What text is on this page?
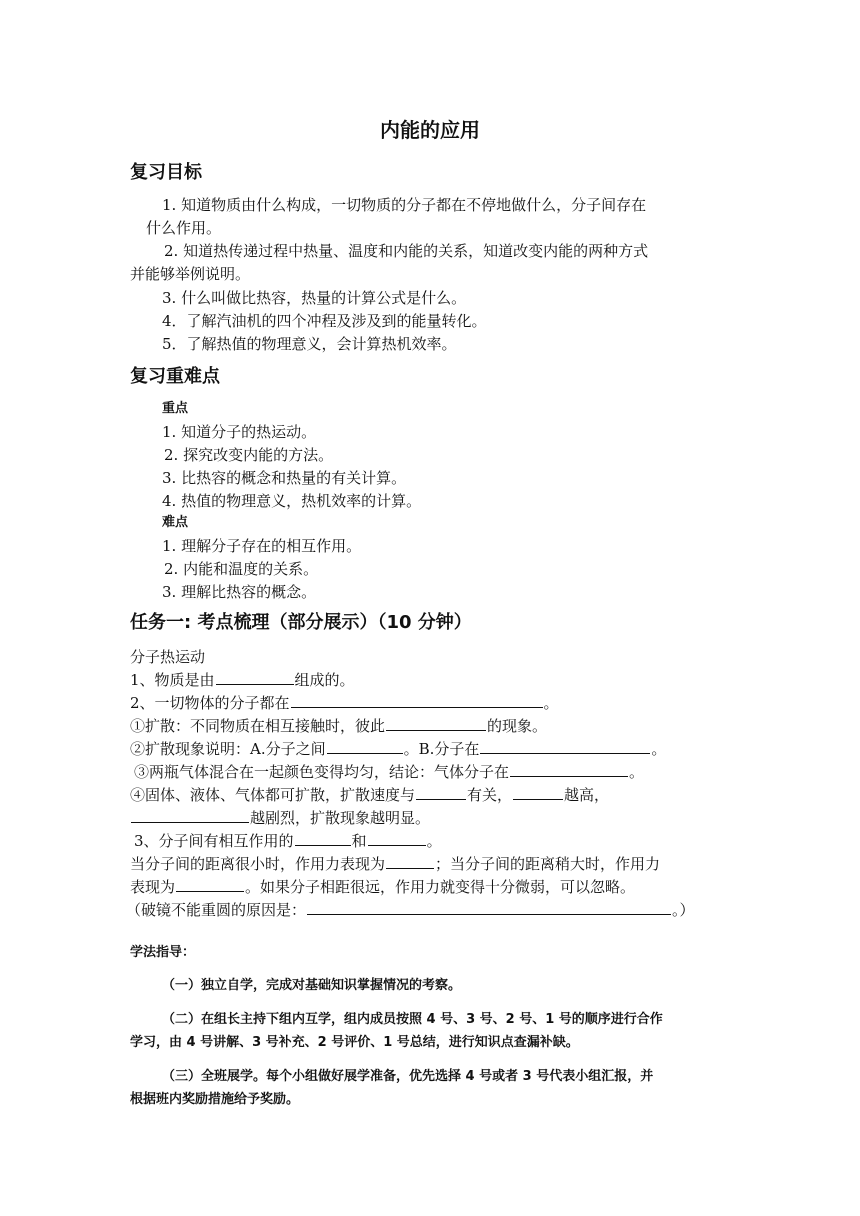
内能的应用
复习目标
1. 知道物质由什么构成，一切物质的分子都在不停地做什么，分子间存在
什么作用。
2. 知道热传递过程中热量、温度和内能的关系，知道改变内能的两种方式
并能够举例说明。
3. 什么叫做比热容，热量的计算公式是什么。
4．了解汽油机的四个冲程及涉及到的能量转化。
5．了解热值的物理意义，会计算热机效率。
复习重难点
重点
1. 知道分子的热运动。
2. 探究改变内能的方法。
3. 比热容的概念和热量的有关计算。
4. 热值的物理意义，热机效率的计算。
难点
1. 理解分子存在的相互作用。
2. 内能和温度的关系。
3. 理解比热容的概念。
任务一: 考点梳理（部分展示）（10 分钟）
分子热运动
1、物质是由	组成的。
2、一切物体的分子都在	。
①扩散：不同物质在相互接触时，彼此	的现象。
②扩散现象说明：A.分子之间	。B.分子在	。
③两瓶气体混合在一起颜色变得均匀，结论：气体分子在	。
④固体、液体、气体都可扩散，扩散速度与	有关，	越高，
越剧烈，扩散现象越明显。
3、分子间有相互作用的	和	。
当分子间的距离很小时，作用力表现为	；当分子间的距离稍大时，作用力
表现为	。如果分子相距很远，作用力就变得十分微弱，可以忽略。
（破镜不能重圆的原因是：	。）
学法指导：
（一）独立自学，完成对基础知识掌握情况的考察。
（二）在组长主持下组内互学，组内成员按照 4 号、3 号、2 号、1 号的顺序进行合作
学习，由 4 号讲解、3 号补充、2 号评价、1 号总结，进行知识点查漏补缺。
（三）全班展学。每个小组做好展学准备，优先选择 4 号或者 3 号代表小组汇报，并
根据班内奖励措施给予奖励。
